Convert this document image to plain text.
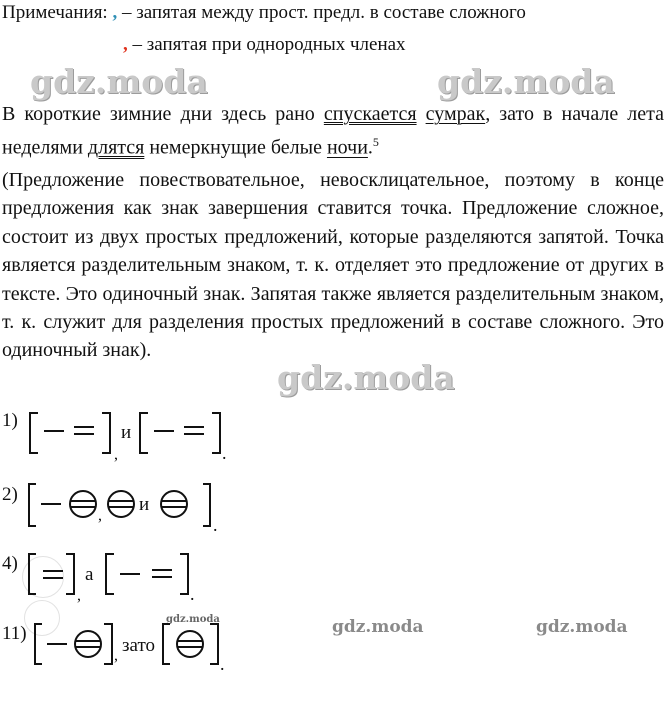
Примечания: , – запятая между прост. предл. в составе сложного
, – запятая при однородных членах
gdz.moda	gdz.moda
В короткие зимние дни здесь рано спускается сумрак, зато в начале лета неделями длятся немеркнущие белые ночи.$^5$
(Предложение повествовательное, невосклицательное, поэтому в конце предложения как знак завершения ставится точка. Предложение сложное, состоит из двух простых предложений, которые разделяются запятой. Точка является разделительным знаком, т. к. отделяет это предложение от других в тексте. Это одиночный знак. Запятая также является разделительным знаком, т. к. служит для разделения простых предложений в составе сложного. Это одиночный знак).
gdz.moda
1)
,
и
.
2)
,
и
.
4)
,
а
.
11)
gdz.moda
, зато
.
gdz.moda	gdz.moda
